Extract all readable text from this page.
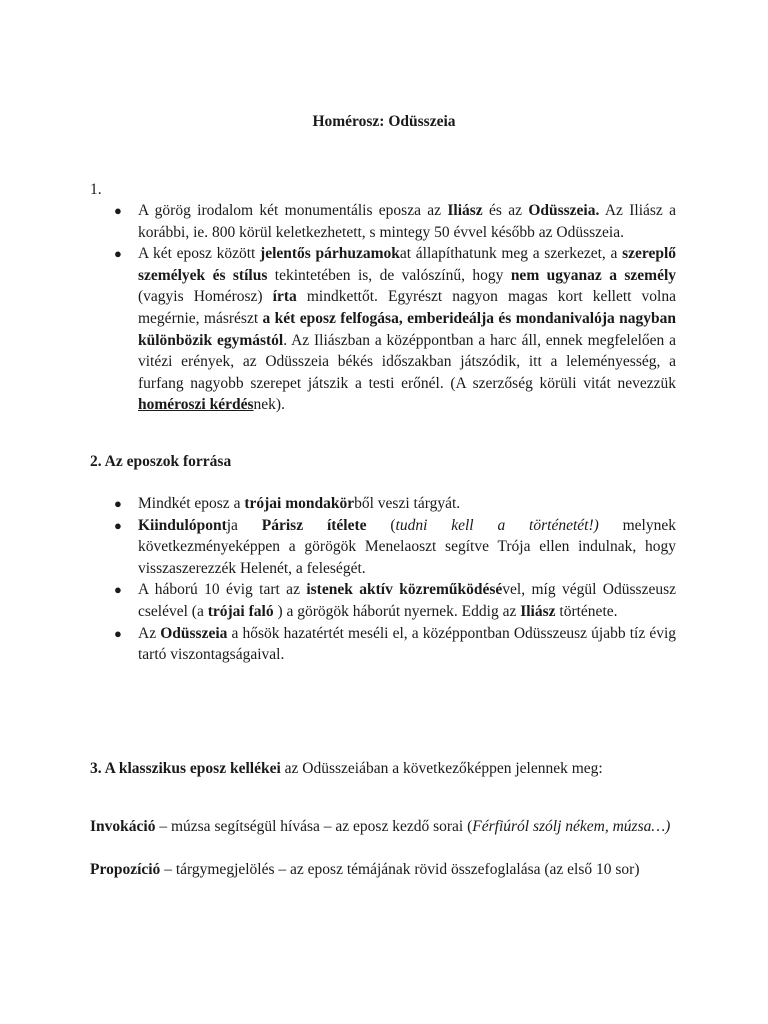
Homérosz: Odüsszeia
1.
● A görög irodalom két monumentális eposza az Iliász és az Odüsszeia. Az Iliász a korábbi, ie. 800 körül keletkezhetett, s mintegy 50 évvel később az Odüsszeia.
● A két eposz között jelentős párhuzamokat állapíthatunk meg a szerkezet, a szereplő személyek és stílus tekintetében is, de valószínű, hogy nem ugyanaz a személy (vagyis Homérosz) írta mindkettőt. Egyrészt nagyon magas kort kellett volna megérnie, másrészt a két eposz felfogása, emberideálja és mondanivalója nagyban különbözik egymástól. Az Iliászban a középpontban a harc áll, ennek megfelelően a vitézi erények, az Odüsszeia békés időszakban játszódik, itt a leleményesség, a furfang nagyobb szerepet játszik a testi erőnél. (A szerzőség körüli vitát nevezzük homéroszi kérdésnek).
2. Az eposzok forrása
● Mindkét eposz a trójai mondakörből veszi tárgyát.
● Kiindulópontja Párisz ítélete (tudni kell a történetét!) melynek következményeképpen a görögök Menelaoszt segítve Trója ellen indulnak, hogy visszaszerezzék Helenét, a feleségét.
● A háború 10 évig tart az istenek aktív közreműködésével, míg végül Odüsszeusz cselével (a trójai faló ) a görögök háborút nyernek. Eddig az Iliász története.
● Az Odüsszeia a hősök hazatértét meséli el, a középpontban Odüsszeusz újabb tíz évig tartó viszontagságaival.

3. A klasszikus eposz kellékei az Odüsszeiában a következőképpen jelennek meg:

Invokáció – múzsa segítségül hívása – az eposz kezdő sorai (Férfiúról szólj nékem, múzsa…)

Propozíció – tárgymegjelölés – az eposz témájának rövid összefoglalása (az első 10 sor)
